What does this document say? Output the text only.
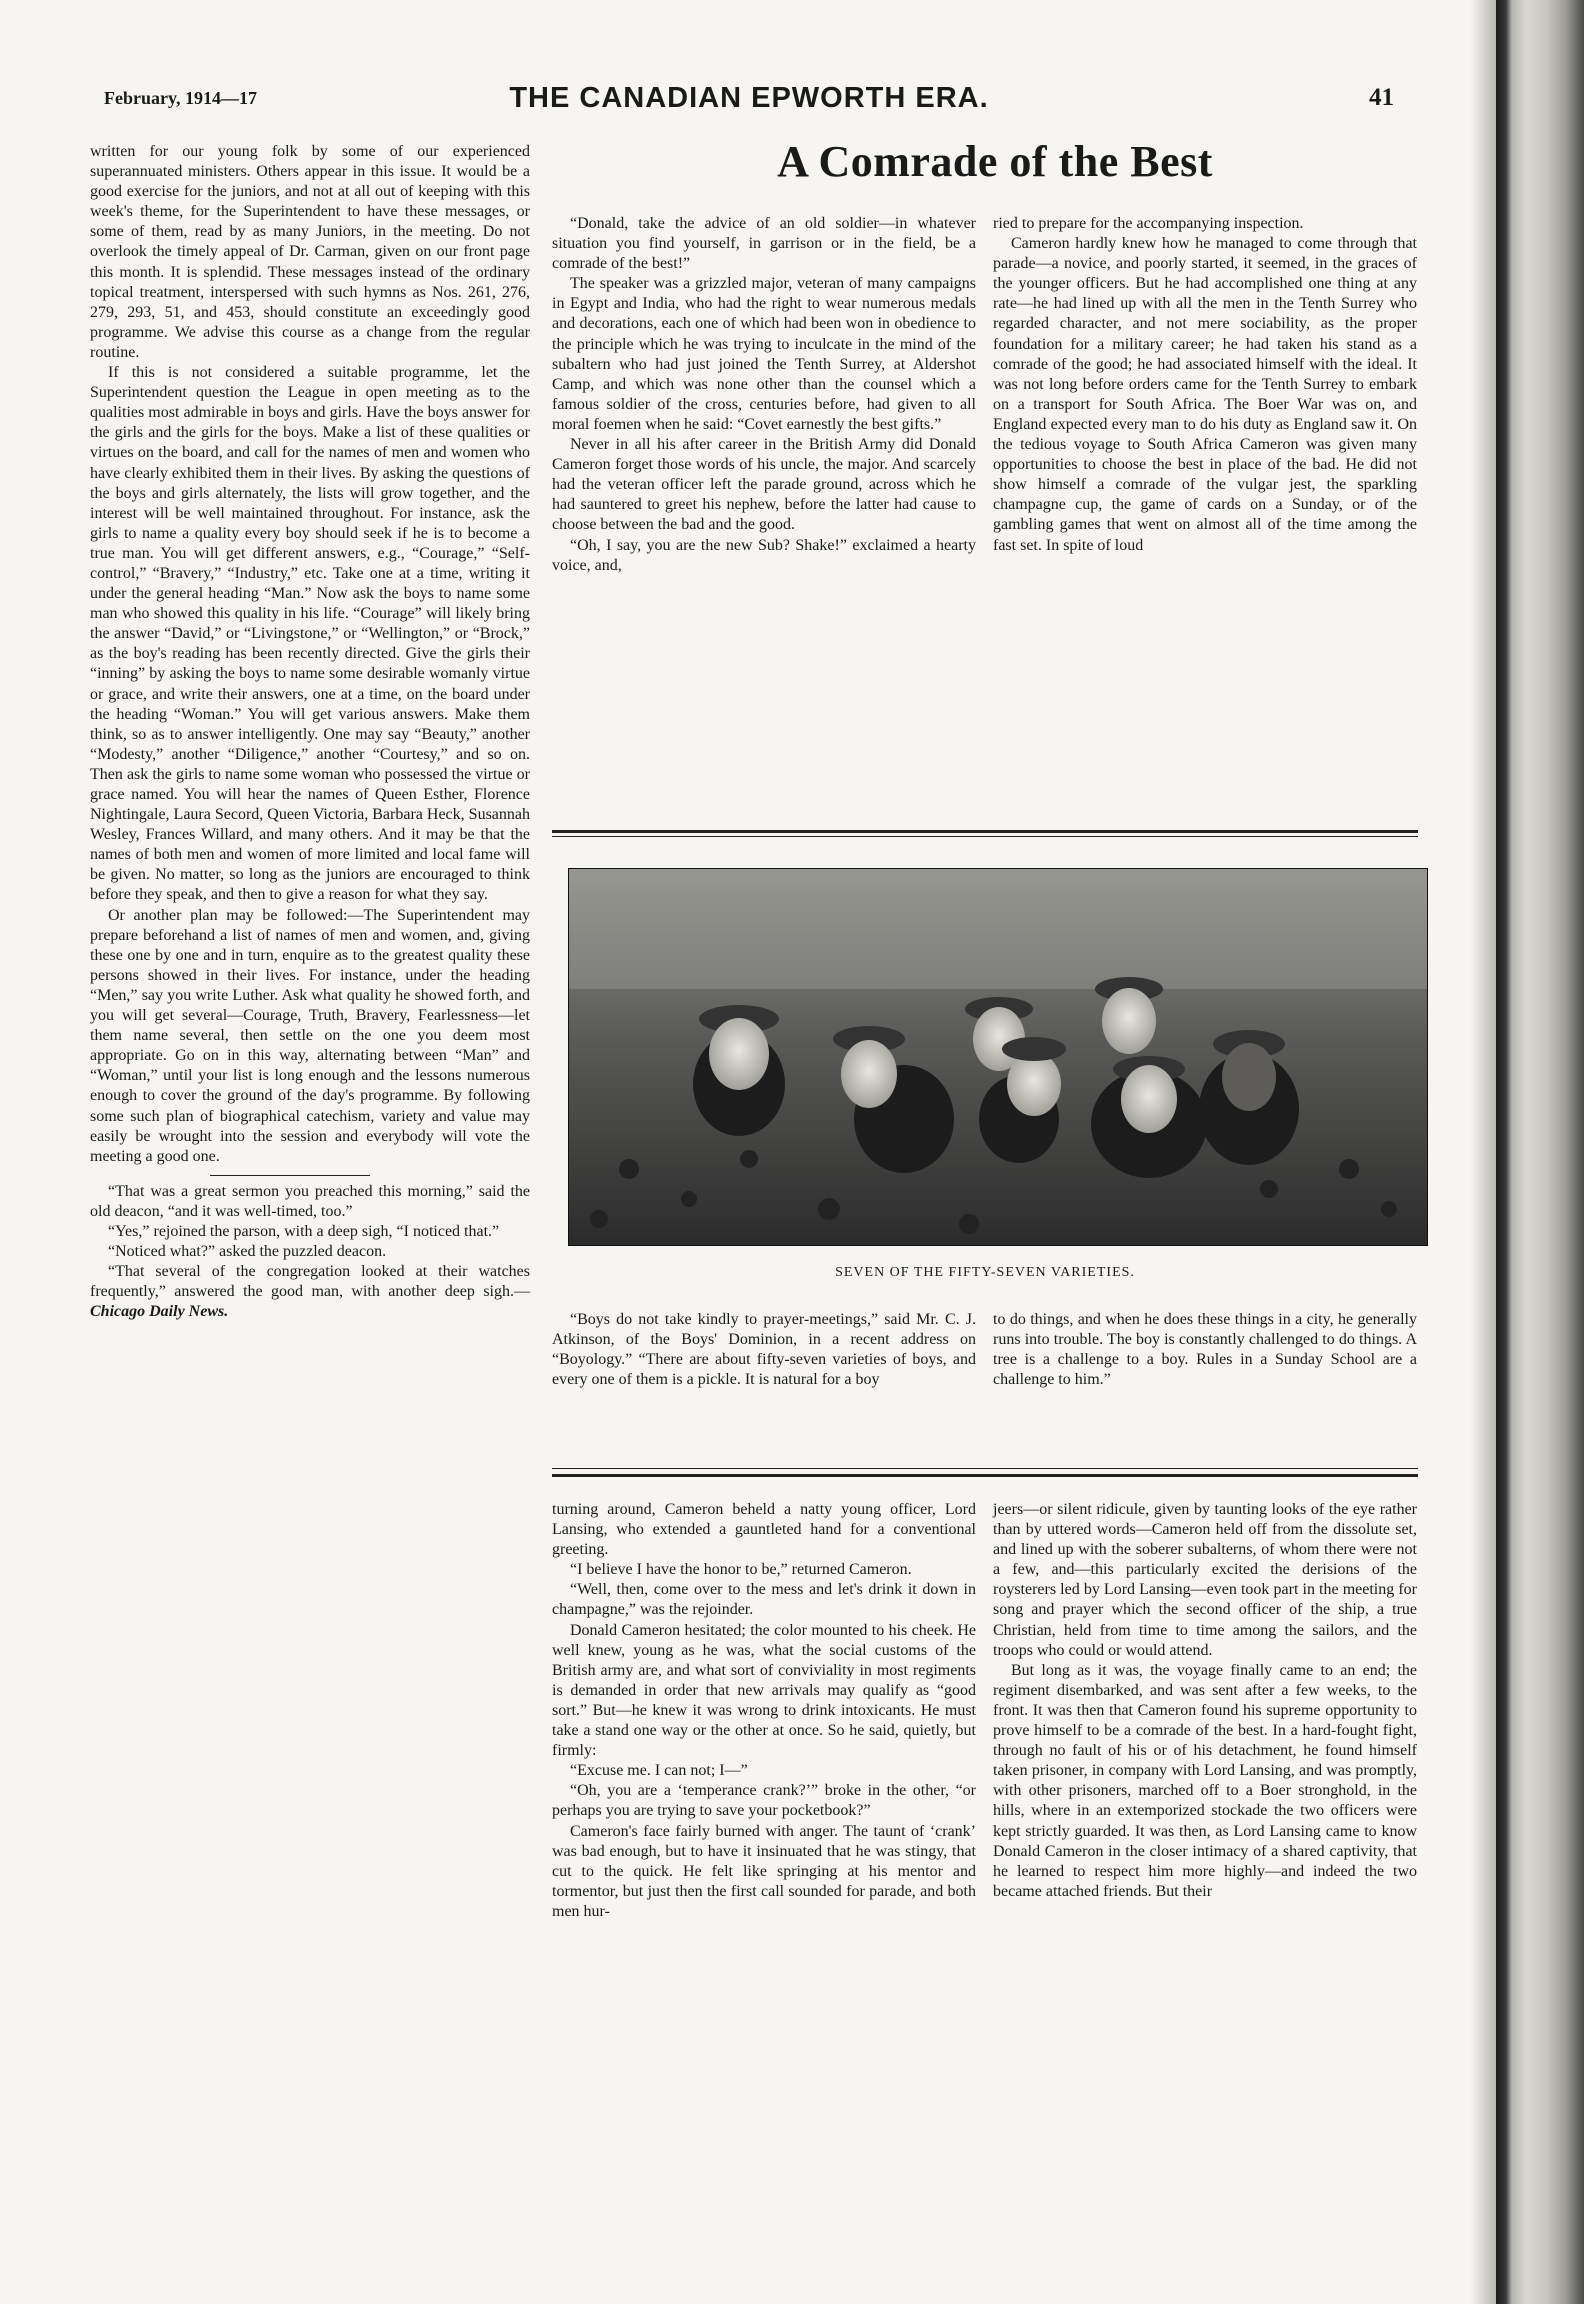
February, 1914—17	THE CANADIAN EPWORTH ERA.	41

written for our young folk by some of our experienced superannuated ministers. Others appear in this issue. It would be a good exercise for the juniors, and not at all out of keeping with this week's theme, for the Superintendent to have these messages, or some of them, read by as many Juniors, in the meeting. Do not overlook the timely appeal of Dr. Carman, given on our front page this month. It is splendid. These messages instead of the ordinary topical treatment, interspersed with such hymns as Nos. 261, 276, 279, 293, 51, and 453, should constitute an exceedingly good programme. We advise this course as a change from the regular routine.

If this is not considered a suitable programme, let the Superintendent question the League in open meeting as to the qualities most admirable in boys and girls. Have the boys answer for the girls and the girls for the boys. Make a list of these qualities or virtues on the board, and call for the names of men and women who have clearly exhibited them in their lives. By asking the questions of the boys and girls alternately, the lists will grow together, and the interest will be well maintained throughout. For instance, ask the girls to name a quality every boy should seek if he is to become a true man. You will get different answers, e.g., “Courage,” “Self-control,” “Bravery,” “Industry,” etc. Take one at a time, writing it under the general heading “Man.” Now ask the boys to name some man who showed this quality in his life. “Courage” will likely bring the answer “David,” or “Livingstone,” or “Wellington,” or “Brock,” as the boy's reading has been recently directed. Give the girls their “inning” by asking the boys to name some desirable womanly virtue or grace, and write their answers, one at a time, on the board under the heading “Woman.” You will get various answers. Make them think, so as to answer intelligently. One may say “Beauty,” another “Modesty,” another “Diligence,” another “Courtesy,” and so on. Then ask the girls to name some woman who possessed the virtue or grace named. You will hear the names of Queen Esther, Florence Nightingale, Laura Secord, Queen Victoria, Barbara Heck, Susannah Wesley, Frances Willard, and many others. And it may be that the names of both men and women of more limited and local fame will be given. No matter, so long as the juniors are encouraged to think before they speak, and then to give a reason for what they say.

Or another plan may be followed:—The Superintendent may prepare beforehand a list of names of men and women, and, giving these one by one and in turn, enquire as to the greatest quality these persons showed in their lives. For instance, under the heading “Men,” say you write Luther. Ask what quality he showed forth, and you will get several—Courage, Truth, Bravery, Fearlessness—let them name several, then settle on the one you deem most appropriate. Go on in this way, alternating between “Man” and “Woman,” until your list is long enough and the lessons numerous enough to cover the ground of the day's programme. By following some such plan of biographical catechism, variety and value may easily be wrought into the session and everybody will vote the meeting a good one.

“That was a great sermon you preached this morning,” said the old deacon, “and it was well-timed, too.”

“Yes,” rejoined the parson, with a deep sigh, “I noticed that.”

“Noticed what?” asked the puzzled deacon.

“That several of the congregation looked at their watches frequently,” answered the good man, with another deep sigh.—Chicago Daily News.

A Comrade of the Best

“Donald, take the advice of an old soldier—in whatever situation you find yourself, in garrison or in the field, be a comrade of the best!”

The speaker was a grizzled major, veteran of many campaigns in Egypt and India, who had the right to wear numerous medals and decorations, each one of which had been won in obedience to the principle which he was trying to inculcate in the mind of the subaltern who had just joined the Tenth Surrey, at Aldershot Camp, and which was none other than the counsel which a famous soldier of the cross, centuries before, had given to all moral foemen when he said: “Covet earnestly the best gifts.”

Never in all his after career in the British Army did Donald Cameron forget those words of his uncle, the major. And scarcely had the veteran officer left the parade ground, across which he had sauntered to greet his nephew, before the latter had cause to choose between the bad and the good.

“Oh, I say, you are the new Sub? Shake!” exclaimed a hearty voice, and,

ried to prepare for the accompanying inspection.

Cameron hardly knew how he managed to come through that parade—a novice, and poorly started, it seemed, in the graces of the younger officers. But he had accomplished one thing at any rate—he had lined up with all the men in the Tenth Surrey who regarded character, and not mere sociability, as the proper foundation for a military career; he had taken his stand as a comrade of the good; he had associated himself with the ideal. It was not long before orders came for the Tenth Surrey to embark on a transport for South Africa. The Boer War was on, and England expected every man to do his duty as England saw it. On the tedious voyage to South Africa Cameron was given many opportunities to choose the best in place of the bad. He did not show himself a comrade of the vulgar jest, the sparkling champagne cup, the game of cards on a Sunday, or of the gambling games that went on almost all of the time among the fast set. In spite of loud

SEVEN OF THE FIFTY-SEVEN VARIETIES.

“Boys do not take kindly to prayer-meetings,” said Mr. C. J. Atkinson, of the Boys' Dominion, in a recent address on “Boyology.” “There are about fifty-seven varieties of boys, and every one of them is a pickle. It is natural for a boy

to do things, and when he does these things in a city, he generally runs into trouble. The boy is constantly challenged to do things. A tree is a challenge to a boy. Rules in a Sunday School are a challenge to him.”

turning around, Cameron beheld a natty young officer, Lord Lansing, who extended a gauntleted hand for a conventional greeting.

“I believe I have the honor to be,” returned Cameron.

“Well, then, come over to the mess and let's drink it down in champagne,” was the rejoinder.

Donald Cameron hesitated; the color mounted to his cheek. He well knew, young as he was, what the social customs of the British army are, and what sort of conviviality in most regiments is demanded in order that new arrivals may qualify as “good sort.” But—he knew it was wrong to drink intoxicants. He must take a stand one way or the other at once. So he said, quietly, but firmly:

“Excuse me. I can not; I—”

“Oh, you are a ‘temperance crank?’” broke in the other, “or perhaps you are trying to save your pocketbook?”

Cameron's face fairly burned with anger. The taunt of ‘crank’ was bad enough, but to have it insinuated that he was stingy, that cut to the quick. He felt like springing at his mentor and tormentor, but just then the first call sounded for parade, and both men hur-

jeers—or silent ridicule, given by taunting looks of the eye rather than by uttered words—Cameron held off from the dissolute set, and lined up with the soberer subalterns, of whom there were not a few, and—this particularly excited the derisions of the roysterers led by Lord Lansing—even took part in the meeting for song and prayer which the second officer of the ship, a true Christian, held from time to time among the sailors, and the troops who could or would attend.

But long as it was, the voyage finally came to an end; the regiment disembarked, and was sent after a few weeks, to the front. It was then that Cameron found his supreme opportunity to prove himself to be a comrade of the best. In a hard-fought fight, through no fault of his or of his detachment, he found himself taken prisoner, in company with Lord Lansing, and was promptly, with other prisoners, marched off to a Boer stronghold, in the hills, where in an extemporized stockade the two officers were kept strictly guarded. It was then, as Lord Lansing came to know Donald Cameron in the closer intimacy of a shared captivity, that he learned to respect him more highly—and indeed the two became attached friends. But their
